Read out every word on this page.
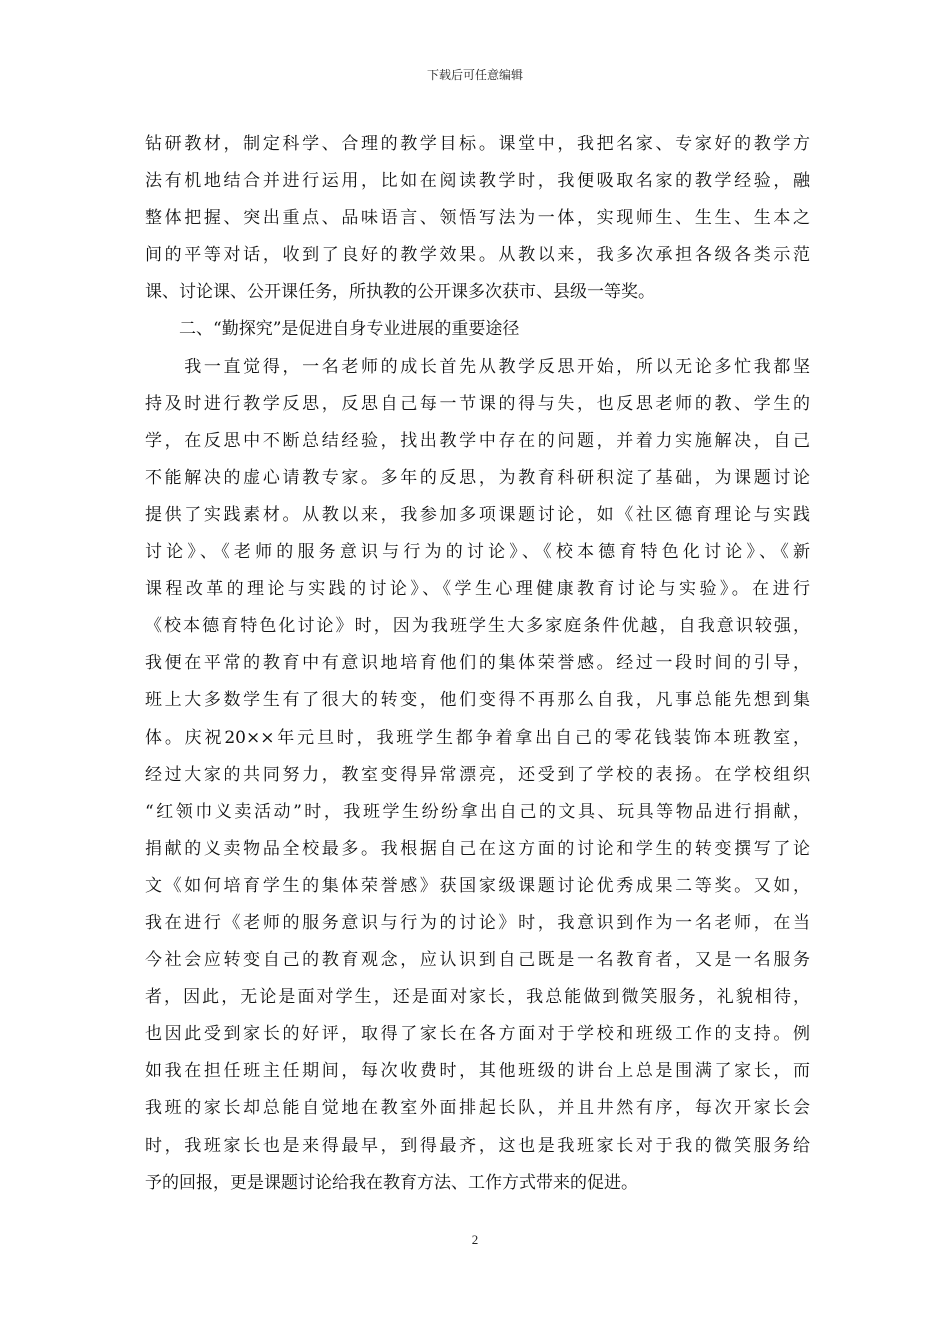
下载后可任意编辑
钻研教材，制定科学、合理的教学目标。课堂中，我把名家、专家好的教学方
法有机地结合并进行运用，比如在阅读教学时，我便吸取名家的教学经验，融
整体把握、突出重点、品味语言、领悟写法为一体，实现师生、生生、生本之
间的平等对话，收到了良好的教学效果。从教以来，我多次承担各级各类示范
课、讨论课、公开课任务，所执教的公开课多次获市、县级一等奖。
　　二、“勤探究”是促进自身专业进展的重要途径
　　我一直觉得，一名老师的成长首先从教学反思开始，所以无论多忙我都坚
持及时进行教学反思，反思自己每一节课的得与失，也反思老师的教、学生的
学，在反思中不断总结经验，找出教学中存在的问题，并着力实施解决，自己
不能解决的虚心请教专家。多年的反思，为教育科研积淀了基础，为课题讨论
提供了实践素材。从教以来，我参加多项课题讨论，如《社区德育理论与实践
讨论》、《老师的服务意识与行为的讨论》、《校本德育特色化讨论》、《新
课程改革的理论与实践的讨论》、《学生心理健康教育讨论与实验》。在进行
《校本德育特色化讨论》时，因为我班学生大多家庭条件优越，自我意识较强，
我便在平常的教育中有意识地培育他们的集体荣誉感。经过一段时间的引导，
班上大多数学生有了很大的转变，他们变得不再那么自我，凡事总能先想到集
体。庆祝20××年元旦时，我班学生都争着拿出自己的零花钱装饰本班教室，
经过大家的共同努力，教室变得异常漂亮，还受到了学校的表扬。在学校组织
“红领巾义卖活动”时，我班学生纷纷拿出自己的文具、玩具等物品进行捐献，
捐献的义卖物品全校最多。我根据自己在这方面的讨论和学生的转变撰写了论
文《如何培育学生的集体荣誉感》获国家级课题讨论优秀成果二等奖。又如，
我在进行《老师的服务意识与行为的讨论》时，我意识到作为一名老师，在当
今社会应转变自己的教育观念，应认识到自己既是一名教育者，又是一名服务
者，因此，无论是面对学生，还是面对家长，我总能做到微笑服务，礼貌相待，
也因此受到家长的好评，取得了家长在各方面对于学校和班级工作的支持。例
如我在担任班主任期间，每次收费时，其他班级的讲台上总是围满了家长，而
我班的家长却总能自觉地在教室外面排起长队，并且井然有序，每次开家长会
时，我班家长也是来得最早，到得最齐，这也是我班家长对于我的微笑服务给
予的回报，更是课题讨论给我在教育方法、工作方式带来的促进。
2
